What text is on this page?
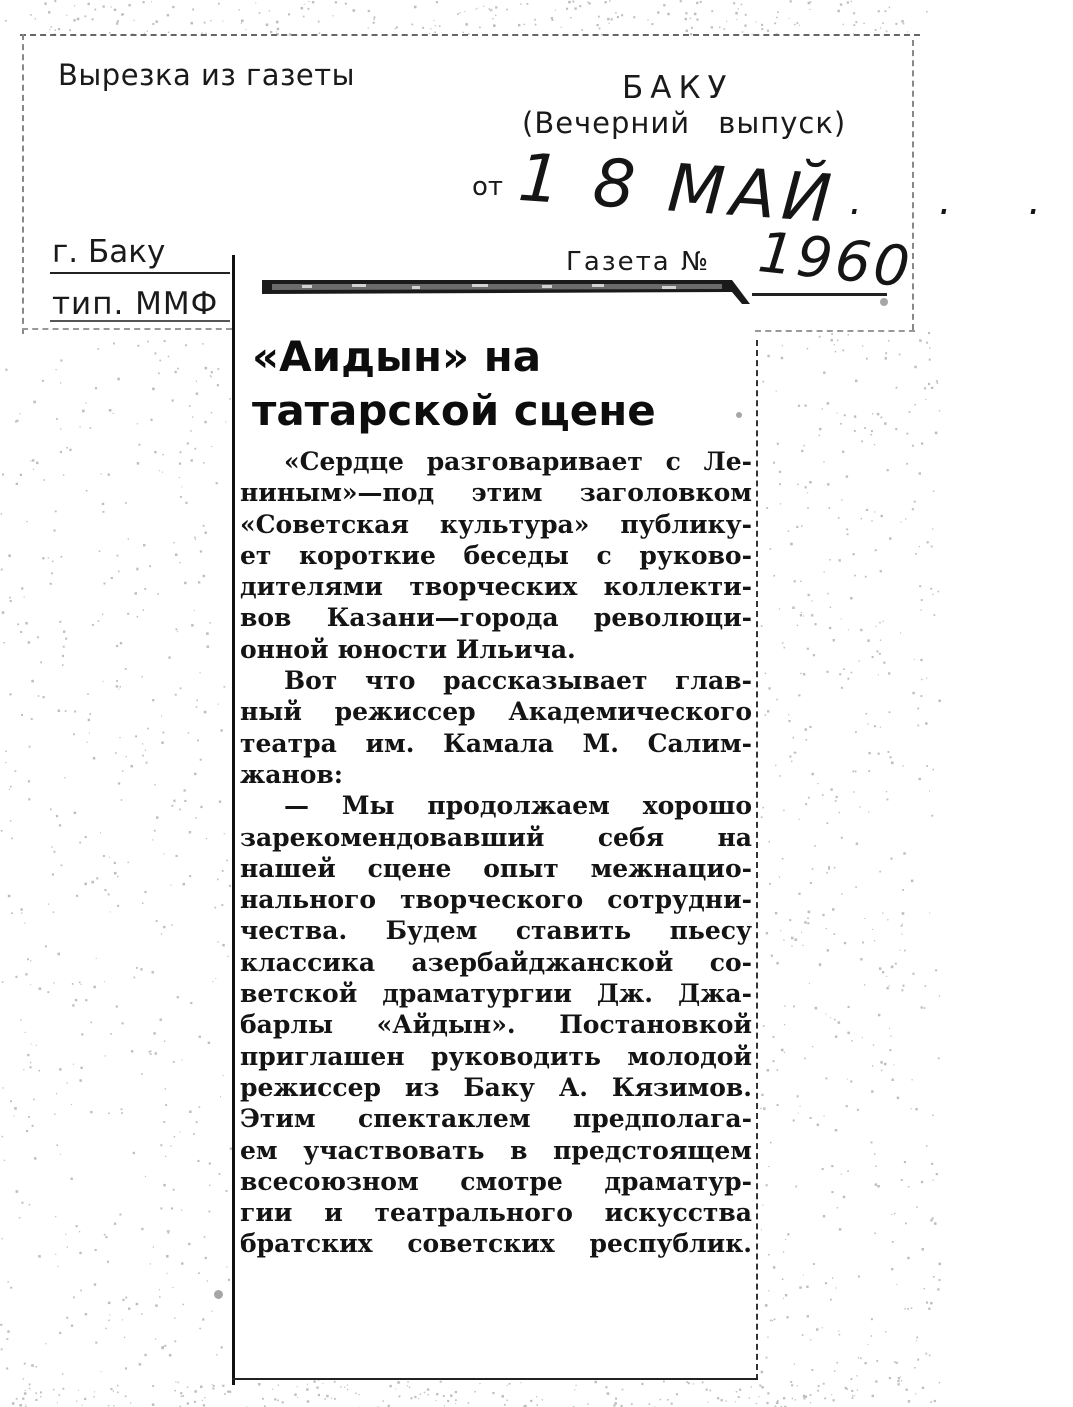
Вырезка из газеты	БАКУ
(Вечерний выпуск)
от 1 8 МАЙ
. . . .
г. Баку
тип. ММФ
Газета № 1960
«Аидын» на
татарской сцене
«Сердце разговаривает с Ле-
ниным»—под этим заголовком
«Советская культура» публику-
ет короткие беседы с руково-
дителями творческих коллекти-
вов Казани—города революци-
онной юности Ильича.
Вот что рассказывает глав-
ный режиссер Академического
театра им. Камала М. Салим-
жанов:
— Мы продолжаем хорошо
зарекомендовавший себя на
нашей сцене опыт межнацио-
нального творческого сотрудни-
чества. Будем ставить пьесу
классика азербайджанской со-
ветской драматургии Дж. Джа-
барлы «Айдын». Постановкой
приглашен руководить молодой
режиссер из Баку А. Кязимов.
Этим спектаклем предполага-
ем участвовать в предстоящем
всесоюзном смотре драматур-
гии и театрального искусства
братских советских республик.
